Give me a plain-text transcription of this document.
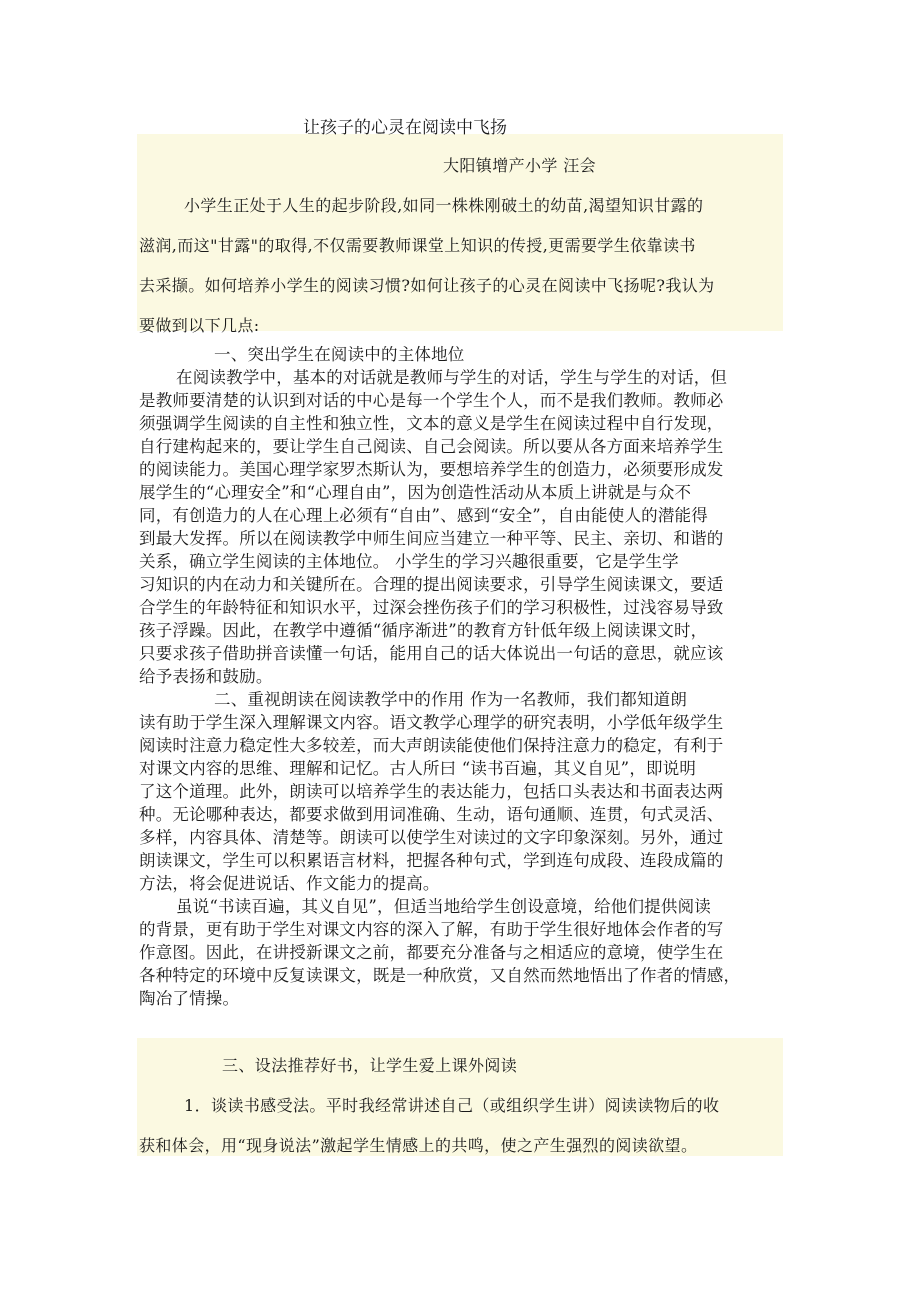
让孩子的心灵在阅读中飞扬
大阳镇增产小学 汪会
小学生正处于人生的起步阶段,如同一株株刚破土的幼苗,渴望知识甘露的
滋润,而这"甘露"的取得,不仅需要教师课堂上知识的传授,更需要学生依靠读书
去采撷。如何培养小学生的阅读习惯?如何让孩子的心灵在阅读中飞扬呢?我认为
要做到以下几点:
一、突出学生在阅读中的主体地位
在阅读教学中，基本的对话就是教师与学生的对话，学生与学生的对话，但
是教师要清楚的认识到对话的中心是每一个学生个人，而不是我们教师。教师必
须强调学生阅读的自主性和独立性，文本的意义是学生在阅读过程中自行发现，
自行建构起来的，要让学生自己阅读、自己会阅读。所以要从各方面来培养学生
的阅读能力。美国心理学家罗杰斯认为，要想培养学生的创造力，必须要形成发
展学生的“心理安全”和“心理自由”，因为创造性活动从本质上讲就是与众不
同，有创造力的人在心理上必须有“自由”、感到“安全”，自由能使人的潜能得
到最大发挥。所以在阅读教学中师生间应当建立一种平等、民主、亲切、和谐的
关系，确立学生阅读的主体地位。 小学生的学习兴趣很重要，它是学生学
习知识的内在动力和关键所在。合理的提出阅读要求，引导学生阅读课文，要适
合学生的年龄特征和知识水平，过深会挫伤孩子们的学习积极性，过浅容易导致
孩子浮躁。因此，在教学中遵循“循序渐进”的教育方针低年级上阅读课文时，
只要求孩子借助拼音读懂一句话，能用自己的话大体说出一句话的意思，就应该
给予表扬和鼓励。
二、重视朗读在阅读教学中的作用 作为一名教师，我们都知道朗
读有助于学生深入理解课文内容。语文教学心理学的研究表明，小学低年级学生
阅读时注意力稳定性大多较差，而大声朗读能使他们保持注意力的稳定，有利于
对课文内容的思维、理解和记忆。古人所曰 “读书百遍，其义自见”，即说明
了这个道理。此外，朗读可以培养学生的表达能力，包括口头表达和书面表达两
种。无论哪种表达，都要求做到用词准确、生动，语句通顺、连贯，句式灵活、
多样，内容具体、清楚等。朗读可以使学生对读过的文字印象深刻。另外，通过
朗读课文，学生可以积累语言材料，把握各种句式，学到连句成段、连段成篇的
方法，将会促进说话、作文能力的提高。
虽说“书读百遍，其义自见”，但适当地给学生创设意境，给他们提供阅读
的背景，更有助于学生对课文内容的深入了解，有助于学生很好地体会作者的写
作意图。因此，在讲授新课文之前，都要充分准备与之相适应的意境，使学生在
各种特定的环境中反复读课文，既是一种欣赏，又自然而然地悟出了作者的情感，
陶冶了情操。
三、设法推荐好书，让学生爱上课外阅读
1．谈读书感受法。平时我经常讲述自己（或组织学生讲）阅读读物后的收
获和体会，用“现身说法”激起学生情感上的共鸣，使之产生强烈的阅读欲望。
